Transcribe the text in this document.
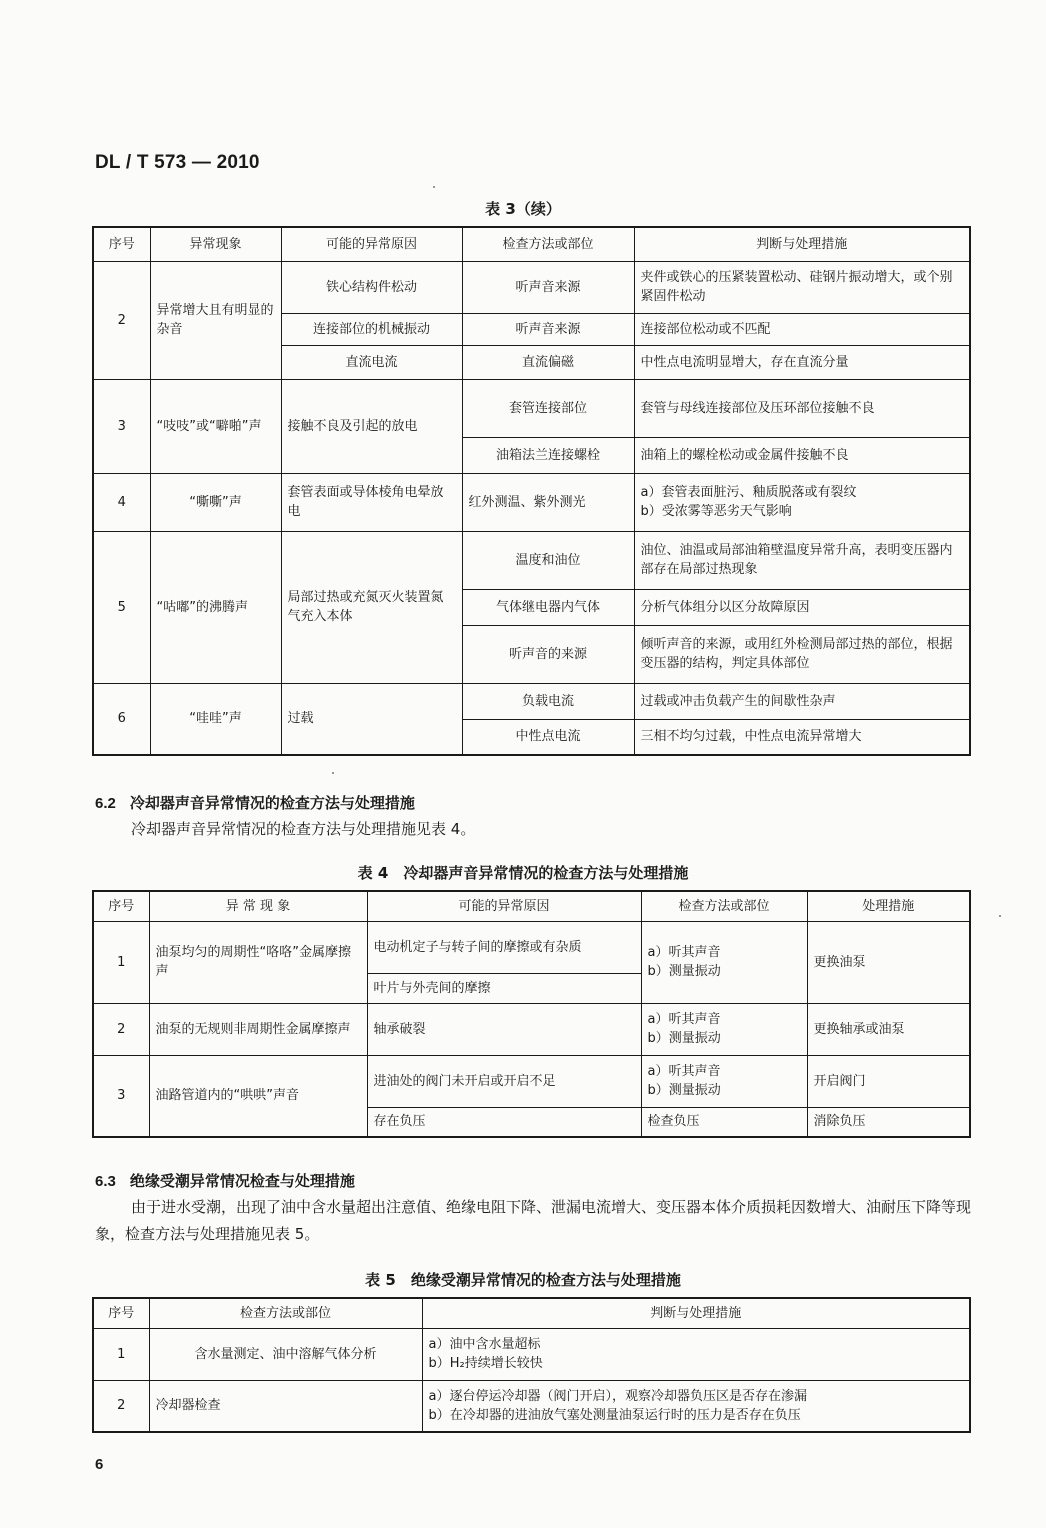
DL / T 573 — 2010
表 3（续）
序号	异常现象	可能的异常原因	检查方法或部位	判断与处理措施
2	异常增大且有明显的杂音	铁心结构件松动	听声音来源	夹件或铁心的压紧装置松动、硅钢片振动增大，或个别紧固件松动
		连接部位的机械振动	听声音来源	连接部位松动或不匹配
		直流电流	直流偏磁	中性点电流明显增大，存在直流分量
3	“吱吱”或“噼啪”声	接触不良及引起的放电	套管连接部位	套管与母线连接部位及压环部位接触不良
			油箱法兰连接螺栓	油箱上的螺栓松动或金属件接触不良
4	“嘶嘶”声	套管表面或导体棱角电晕放电	红外测温、紫外测光	a）套管表面脏污、釉质脱落或有裂纹
b）受浓雾等恶劣天气影响

5	“咕嘟”的沸腾声	局部过热或充氮灭火装置氮气充入本体	温度和油位	油位、油温或局部油箱壁温度异常升高，表明变压器内部存在局部过热现象
			气体继电器内气体	分析气体组分以区分故障原因
			听声音的来源	倾听声音的来源，或用红外检测局部过热的部位，根据变压器的结构，判定具体部位
6	“哇哇”声	过载	负载电流	过载或冲击负载产生的间歇性杂声
			中性点电流	三相不均匀过载，中性点电流异常增大
6.2 冷却器声音异常情况的检查方法与处理措施
冷却器声音异常情况的检查方法与处理措施见表 4。
表 4　冷却器声音异常情况的检查方法与处理措施
序号	异 常 现 象	可能的异常原因	检查方法或部位	处理措施
1	油泵均匀的周期性“咯咯”金属摩擦声	电动机定子与转子间的摩擦或有杂质	a）听其声音
b）测量振动	更换油泵
		叶片与外壳间的摩擦		
2	油泵的无规则非周期性金属摩擦声	轴承破裂	a）听其声音
b）测量振动	更换轴承或油泵
3	油路管道内的“哄哄”声音	进油处的阀门未开启或开启不足	a）听其声音
b）测量振动	开启阀门
		存在负压	检查负压	消除负压
6.3 绝缘受潮异常情况检查与处理措施
由于进水受潮，出现了油中含水量超出注意值、绝缘电阻下降、泄漏电流增大、变压器本体介质损耗因数增大、油耐压下降等现象，检查方法与处理措施见表 5。
表 5　绝缘受潮异常情况的检查方法与处理措施
序号	检查方法或部位	判断与处理措施
1	含水量测定、油中溶解气体分析	a）油中含水量超标
b）H₂持续增长较快

2	冷却器检查	a）逐台停运冷却器（阀门开启），观察冷却器负压区是否存在渗漏
b）在冷却器的进油放气塞处测量油泵运行时的压力是否存在负压
6
